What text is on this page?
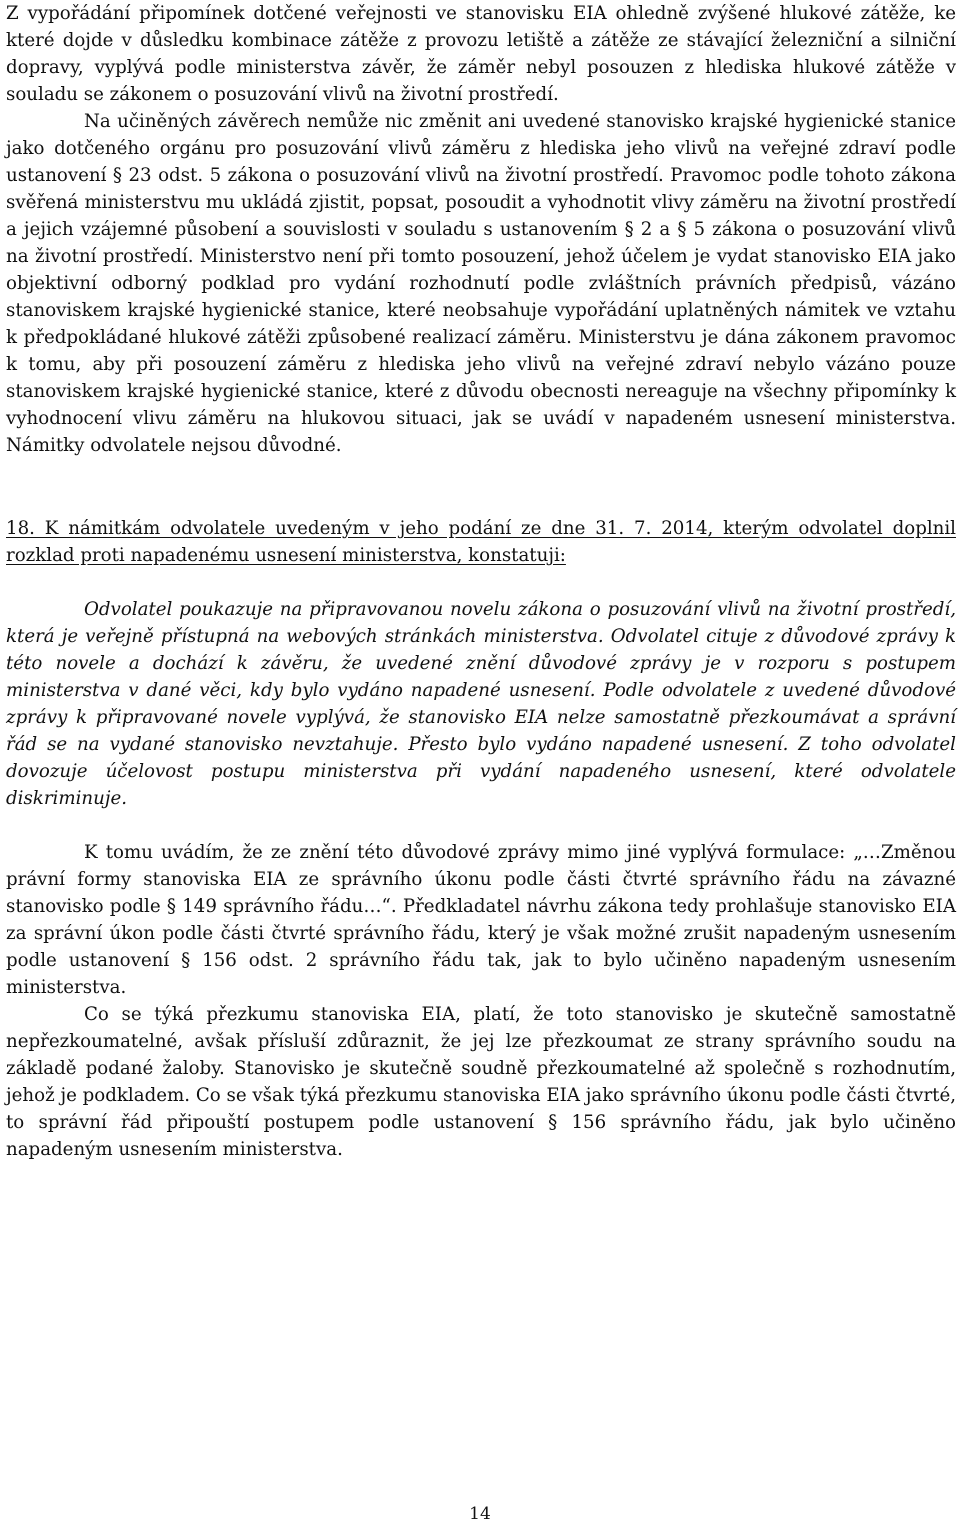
Z vypořádání připomínek dotčené veřejnosti ve stanovisku EIA ohledně zvýšené hlukové zátěže, ke které dojde v důsledku kombinace zátěže z provozu letiště a zátěže ze stávající železniční a silniční dopravy, vyplývá podle ministerstva závěr, že záměr nebyl posouzen z hlediska hlukové zátěže v souladu se zákonem o posuzování vlivů na životní prostředí.

Na učiněných závěrech nemůže nic změnit ani uvedené stanovisko krajské hygienické stanice jako dotčeného orgánu pro posuzování vlivů záměru z hlediska jeho vlivů na veřejné zdraví podle ustanovení § 23 odst. 5 zákona o posuzování vlivů na životní prostředí. Pravomoc podle tohoto zákona svěřená ministerstvu mu ukládá zjistit, popsat, posoudit a vyhodnotit vlivy záměru na životní prostředí a jejich vzájemné působení a souvislosti v souladu s ustanovením § 2 a § 5 zákona o posuzování vlivů na životní prostředí. Ministerstvo není při tomto posouzení, jehož účelem je vydat stanovisko EIA jako objektivní odborný podklad pro vydání rozhodnutí podle zvláštních právních předpisů, vázáno stanoviskem krajské hygienické stanice, které neobsahuje vypořádání uplatněných námitek ve vztahu k předpokládané hlukové zátěži způsobené realizací záměru. Ministerstvu je dána zákonem pravomoc k tomu, aby při posouzení záměru z hlediska jeho vlivů na veřejné zdraví nebylo vázáno pouze stanoviskem krajské hygienické stanice, které z důvodu obecnosti nereaguje na všechny připomínky k vyhodnocení vlivu záměru na hlukovou situaci, jak se uvádí v napadeném usnesení ministerstva. Námitky odvolatele nejsou důvodné.

18. K námitkám odvolatele uvedeným v jeho podání ze dne 31. 7. 2014, kterým odvolatel doplnil rozklad proti napadenému usnesení ministerstva, konstatuji:

Odvolatel poukazuje na připravovanou novelu zákona o posuzování vlivů na životní prostředí, která je veřejně přístupná na webových stránkách ministerstva. Odvolatel cituje z důvodové zprávy k této novele a dochází k závěru, že uvedené znění důvodové zprávy je v rozporu s postupem ministerstva v dané věci, kdy bylo vydáno napadené usnesení. Podle odvolatele z uvedené důvodové zprávy k připravované novele vyplývá, že stanovisko EIA nelze samostatně přezkoumávat a správní řád se na vydané stanovisko nevztahuje. Přesto bylo vydáno napadené usnesení. Z toho odvolatel dovozuje účelovost postupu ministerstva při vydání napadeného usnesení, které odvolatele diskriminuje.

K tomu uvádím, že ze znění této důvodové zprávy mimo jiné vyplývá formulace: „…Změnou právní formy stanoviska EIA ze správního úkonu podle části čtvrté správního řádu na závazné stanovisko podle § 149 správního řádu…“. Předkladatel návrhu zákona tedy prohlašuje stanovisko EIA za správní úkon podle části čtvrté správního řádu, který je však možné zrušit napadeným usnesením podle ustanovení § 156 odst. 2 správního řádu tak, jak to bylo učiněno napadeným usnesením ministerstva.

Co se týká přezkumu stanoviska EIA, platí, že toto stanovisko je skutečně samostatně nepřezkoumatelné, avšak přísluší zdůraznit, že jej lze přezkoumat ze strany správního soudu na základě podané žaloby. Stanovisko je skutečně soudně přezkoumatelné až společně s rozhodnutím, jehož je podkladem. Co se však týká přezkumu stanoviska EIA jako správního úkonu podle části čtvrté, to správní řád připouští postupem podle ustanovení § 156 správního řádu, jak bylo učiněno napadeným usnesením ministerstva.

14
